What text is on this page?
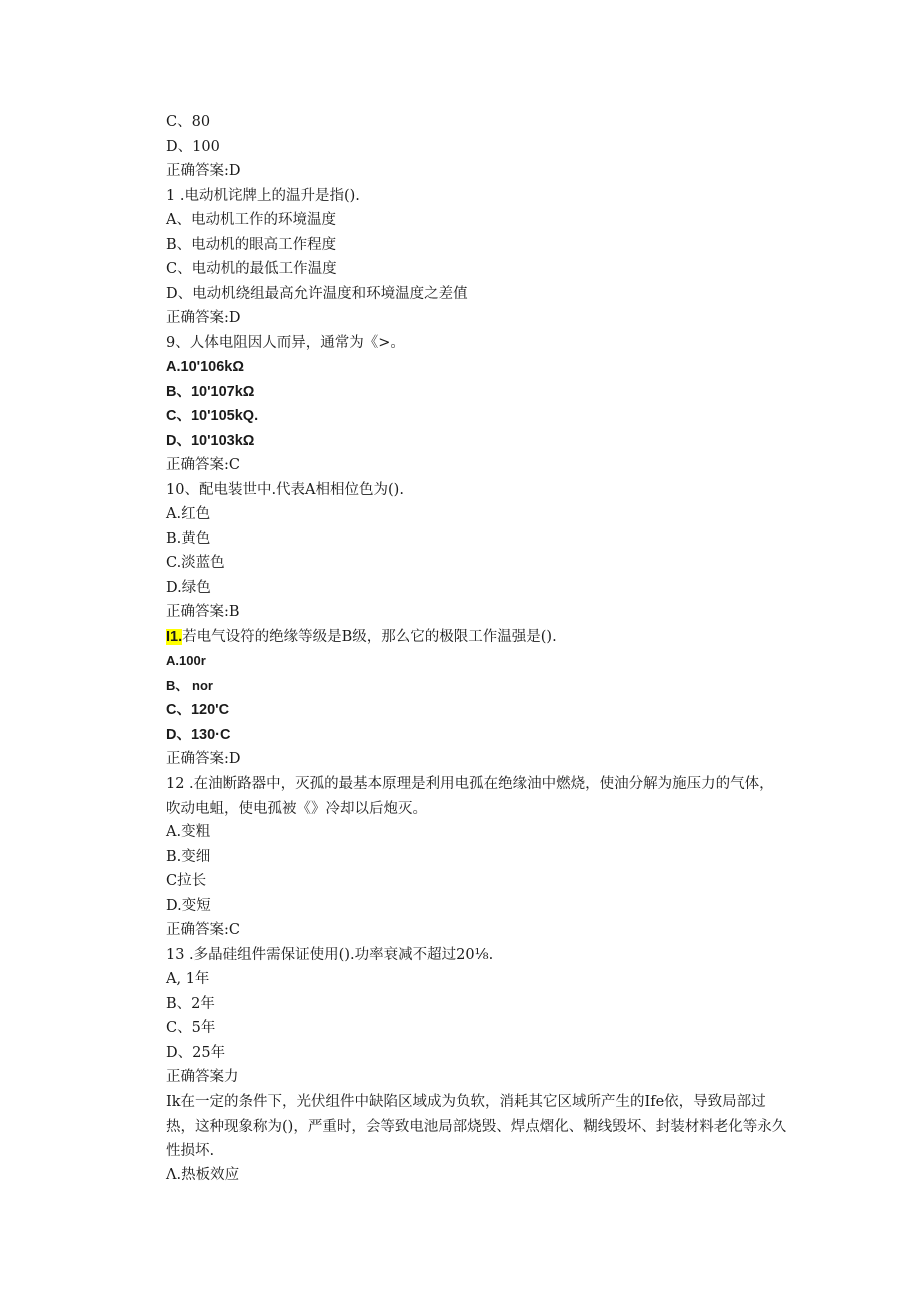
C、80
D、100
正确答案:D
1 .电动机诧牌上的温升是指().
A、电动机工作的环境温度
B、电动机的眼高工作程度
C、电动机的最低工作温度
D、电动机绕组最高允许温度和环境温度之差值
正确答案:D
9、人体电阻因人而异，通常为《>。
A.10'106kΩ
B、10'107kΩ
C、10'105kQ.
D、10'103kΩ
正确答案:C
10、配电装世中.代表A相相位色为().
A.红色
B.黄色
C.淡蓝色
D.绿色
正确答案:B
I1.若电气设符的绝缘等级是B级，那么它的极限工作温强是().
A.100r
B、 nor
C、120'C
D、130·C
正确答案:D
12 .在油断路器中，灭孤的最基本原理是利用电孤在绝缘油中燃烧，使油分解为施压力的气体，吹动电蛆，使电孤被《》冷却以后炮灭。
A.变粗
B.变细
C拉长
D.变短
正确答案:C
13 .多晶硅组件需保证使用().功率衰减不超过20⅛.
A, 1年
B、2年
C、5年
D、25年
正确答案力
Ik在一定的条件下，光伏组件中缺陷区域成为负软，消耗其它区域所产生的Ife依，导致局部过热，这种现象称为()，严重时，会等致电池局部烧毁、焊点熠化、糊线毁坏、封装材料老化等永久性损坏.
Λ.热板效应
